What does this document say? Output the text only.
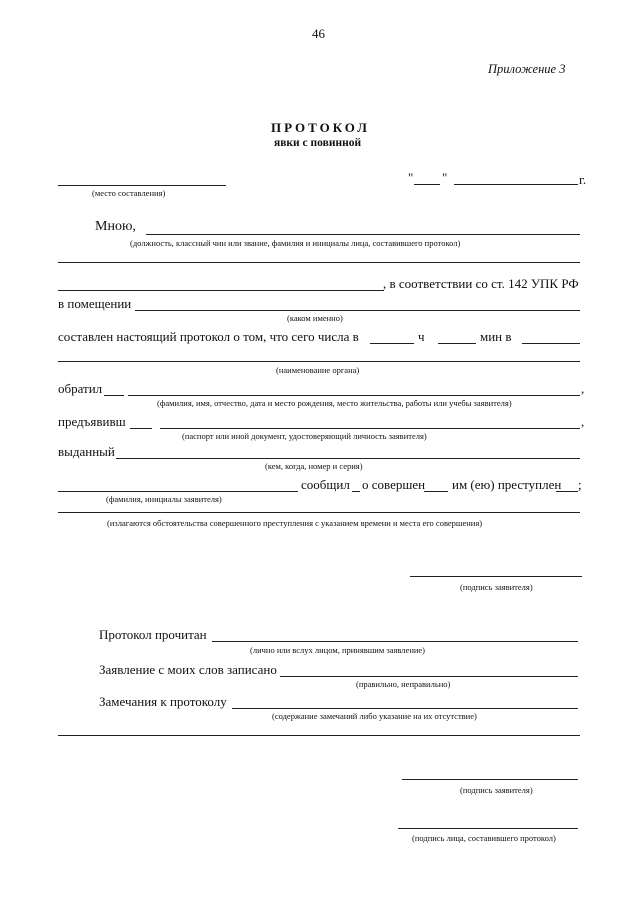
46
Приложение 3
ПРОТОКОЛ
явки с повинной
(место составления)
" "	г.
Мною,
(должность, классный чин или звание, фамилия и инициалы лица, составившего протокол)
, в соответствии со ст. 142 УПК РФ
в помещении
(каком именно)
составлен настоящий протокол о том, что сего числа в	ч	мин в
(наименование органа)
обратил	,
(фамилия, имя, отчество, дата и место рождения, место жительства, работы или учебы заявителя)
предъявивш	,
(паспорт или иной документ, удостоверяющий личность заявителя)
выданный
(кем, когда, номер и серия)
сообщил о совершен им (ею) преступлен ;
(фамилия, инициалы заявителя)
(излагаются обстоятельства совершенного преступления с указанием времени и места его совершения)
(подпись заявителя)
Протокол прочитан
(лично или вслух лицом, принявшим заявление)
Заявление с моих слов записано
(правильно, неправильно)
Замечания к протоколу
(содержание замечаний либо указание на их отсутствие)
(подпись заявителя)
(подпись лица, составившего протокол)
